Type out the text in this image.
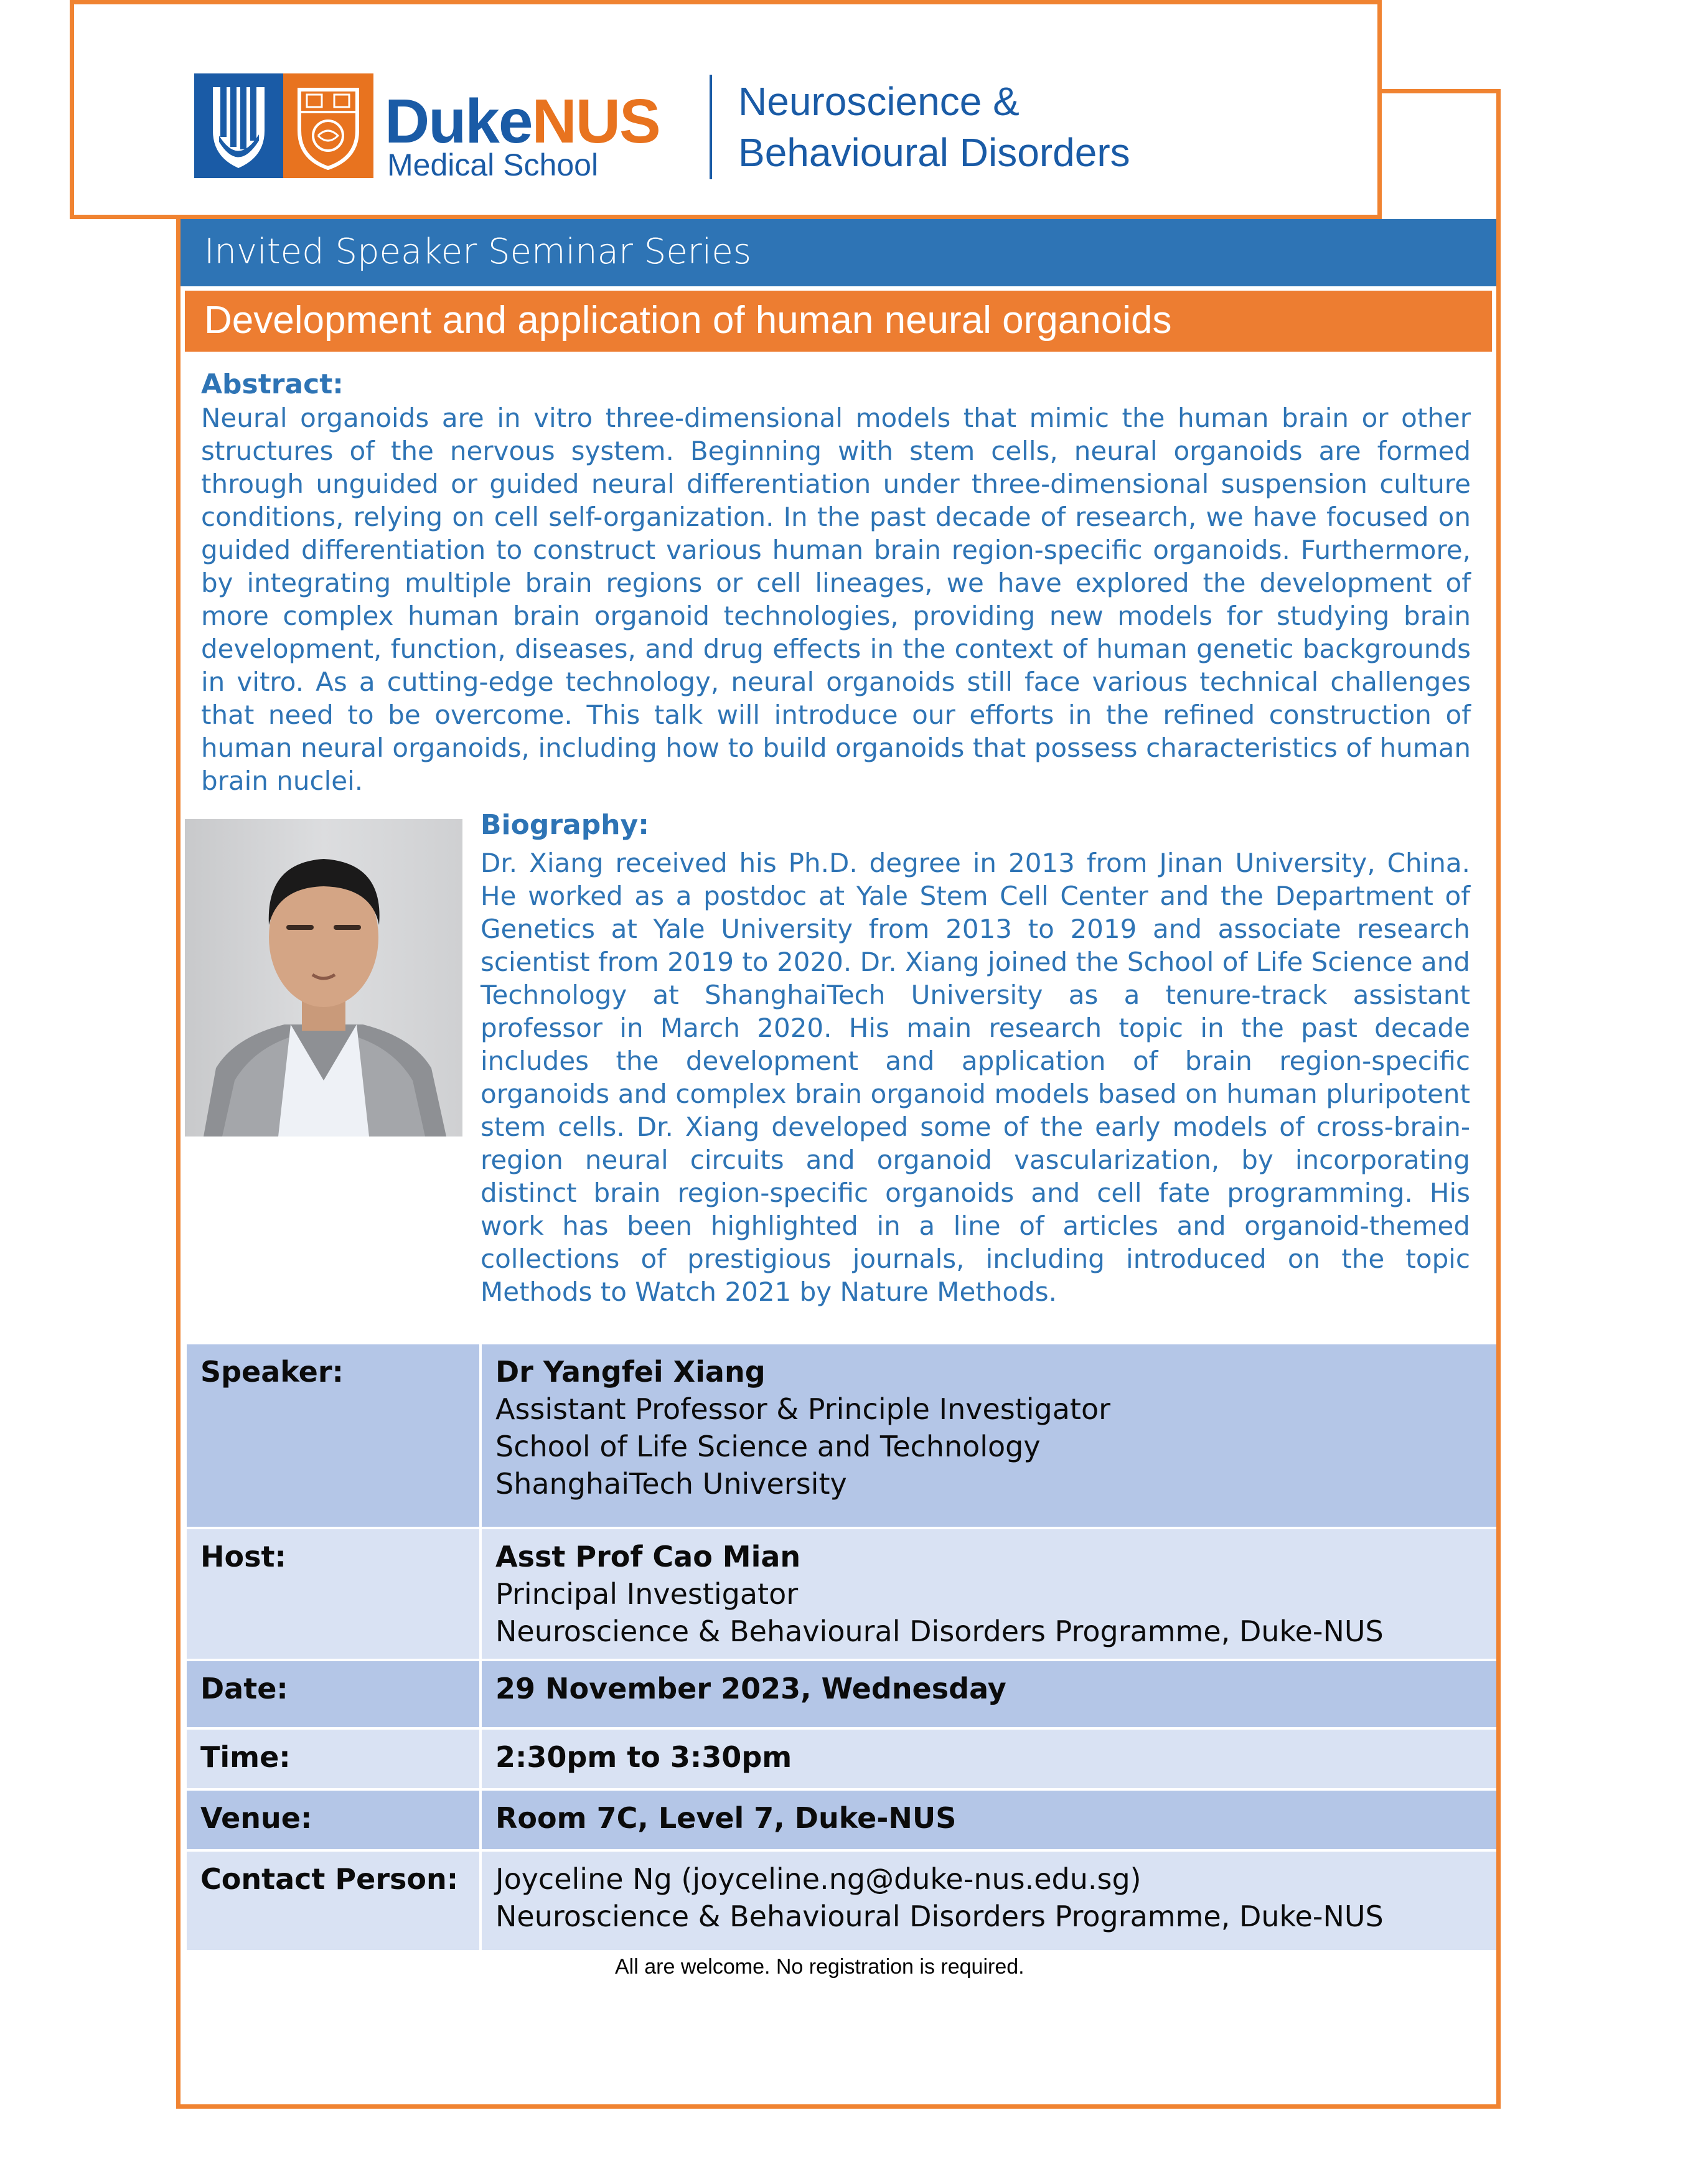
DukeNUS
Medical School
Neuroscience &
Behavioural Disorders
Invited Speaker Seminar Series
Development and application of human neural organoids
Abstract:

Neural organoids are in vitro three-dimensional models that mimic the human brain or other structures of the nervous system. Beginning with stem cells, neural organoids are formed through unguided or guided neural differentiation under three-dimensional suspension culture conditions, relying on cell self-organization. In the past decade of research, we have focused on guided differentiation to construct various human brain region-specific organoids. Furthermore, by integrating multiple brain regions or cell lineages, we have explored the development of more complex human brain organoid technologies, providing new models for studying brain development, function, diseases, and drug effects in the context of human genetic backgrounds in vitro. As a cutting-edge technology, neural organoids still face various technical challenges that need to be overcome. This talk will introduce our efforts in the refined construction of human neural organoids, including how to build organoids that possess characteristics of human brain nuclei.

Biography:

Dr. Xiang received his Ph.D. degree in 2013 from Jinan University, China. He worked as a postdoc at Yale Stem Cell Center and the Department of Genetics at Yale University from 2013 to 2019 and associate research scientist from 2019 to 2020. Dr. Xiang joined the School of Life Science and Technology at ShanghaiTech University as a tenure-track assistant professor in March 2020. His main research topic in the past decade includes the development and application of brain region-specific organoids and complex brain organoid models based on human pluripotent stem cells. Dr. Xiang developed some of the early models of cross-brain-region neural circuits and organoid vascularization, by incorporating distinct brain region-specific organoids and cell fate programming. His work has been highlighted in a line of articles and organoid-themed collections of prestigious journals, including introduced on the topic Methods to Watch 2021 by Nature Methods.

Speaker:	Dr Yangfei Xiang
Assistant Professor & Principle Investigator
School of Life Science and Technology
ShanghaiTech University

Host:	Asst Prof Cao Mian
Principal Investigator
Neuroscience & Behavioural Disorders Programme, Duke-NUS

Date:	29 November 2023, Wednesday
Time:	2:30pm to 3:30pm
Venue:	Room 7C, Level 7, Duke-NUS
Contact Person:	Joyceline Ng (joyceline.ng@duke-nus.edu.sg)
Neuroscience & Behavioural Disorders Programme, Duke-NUS
All are welcome. No registration is required.
